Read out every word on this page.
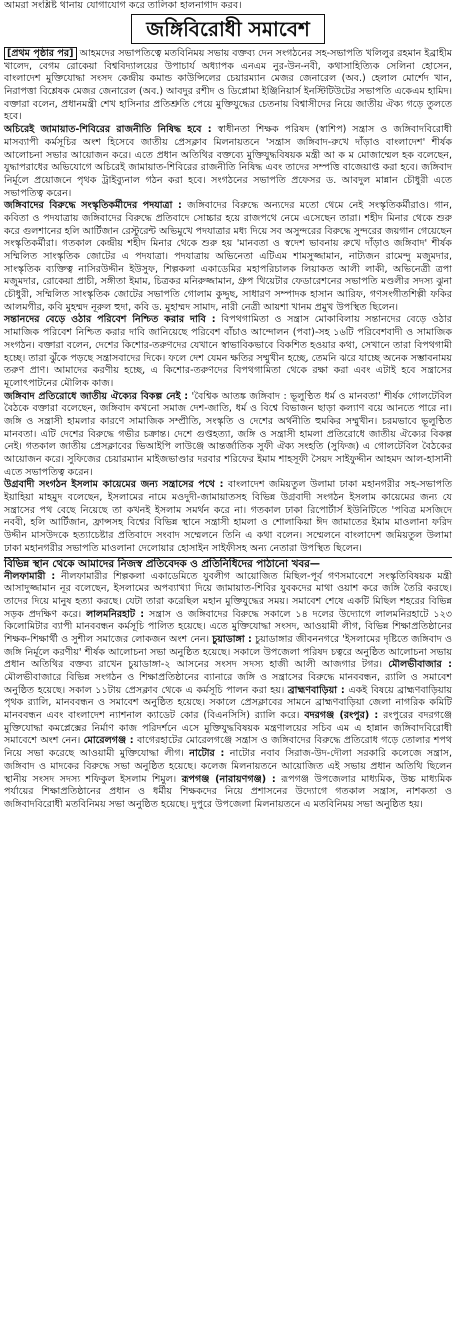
আমরা সংশ্লিষ্ট থানায় যোগাযোগ করে তালিকা হালনাগাদ করব।
জঙ্গিবিরোধী সমাবেশ

[প্রথম পৃষ্ঠার পর] আহমদের সভাপতিত্বে মতবিনিময় সভায় বক্তব্য দেন সংগঠনের সহ-সভাপতি খলিলুর রহমান ইব্রাহীম খালেদ, বেগম রোকেয়া বিশ্ববিদ্যালয়ের উপাচার্য অধ্যাপক এনএম নুর-উন-নবী, কথাসাহিত্যিক সেলিনা হোসেন, বাংলাদেশ মুক্তিযোদ্ধা সংসদ কেন্দ্রীয় কমান্ড কাউন্সিলের চেয়ারম্যান মেজর জেনারেল (অব.) হেলাল মোর্শেদ খান, নিরাপত্তা বিশ্লেষক মেজর জেনারেল (অব.) আবদুর রশীদ ও ডিপ্লোমা ইঞ্জিনিয়ার্স ইনস্টিটিউটের সভাপতি একেএম হামিদ। বক্তারা বলেন, প্রধানমন্ত্রী শেখ হাসিনার প্রতিশ্রুতি পেয়ে মুক্তিযুদ্ধের চেতনায় বিশ্বাসীদের নিয়ে জাতীয় ঐক্য গড়ে তুলতে হবে।

অচিরেই জামায়াত-শিবিরের রাজনীতি নিষিদ্ধ হবে : স্বাধীনতা শিক্ষক পরিষদ (স্বাশিপ) সন্ত্রাস ও জঙ্গিবাদবিরোধী মাসব্যাপী কর্মসূচির অংশ হিসেবে জাতীয় প্রেসক্লাব মিলনায়তনে 'সন্ত্রাস জঙ্গিবাদ-রুখে দাঁড়াও বাংলাদেশ' শীর্ষক আলোচনা সভার আয়োজন করে। এতে প্রধান অতিথির বক্তব্যে মুক্তিযুদ্ধবিষয়ক মন্ত্রী আ ক ম মোজাম্মেল হক বলেছেন, যুদ্ধাপরাধের অভিযোগে অচিরেই জামায়াত-শিবিরের রাজনীতি নিষিদ্ধ এবং তাদের সম্পত্তি বাজেয়াপ্ত করা হবে। জঙ্গিবাদ নির্মূলে প্রয়োজনে পৃথক ট্রাইব্যুনাল গঠন করা হবে। সংগঠনের সভাপতি প্রফেসর ড. আবদুল মান্নান চৌধুরী এতে সভাপতিত্ব করেন।

জঙ্গিবাদের বিরুদ্ধে সংস্কৃতিকর্মীদের পদযাত্রা : জঙ্গিবাদের বিরুদ্ধে অন্যদের মতো থেমে নেই সংস্কৃতিকর্মীরাও। গান, কবিতা ও পদযাত্রায় জঙ্গিবাদের বিরুদ্ধে প্রতিবাদে সোচ্চার হয়ে রাজপথে নেমে এসেছেন তারা। শহীদ মিনার থেকে শুরু করে গুলশানের হলি আর্টিজান রেস্টুরেন্ট অভিমুখে পদযাত্রার মধ্য দিয়ে সব অসুন্দরের বিরুদ্ধে সুন্দরের জয়গান গেয়েছেন সংস্কৃতিকর্মীরা। গতকাল কেন্দ্রীয় শহীদ মিনার থেকে শুরু হয় 'মানবতা ও স্বদেশ ভাবনায় রুখে দাঁড়াও জঙ্গিবাদ' শীর্ষক সম্মিলিত সাংস্কৃতিক জোটের এ পদযাত্রা। পদযাত্রায় অভিনেতা এটিএম শামসুজ্জামান, নাট্যজন রামেন্দু মজুমদার, সাংস্কৃতিক ব্যক্তিত্ব নাসিরউদ্দীন ইউসুফ, শিল্পকলা একাডেমির মহাপরিচালক লিয়াকত আলী লাকী, অভিনেত্রী ত্রপা মজুমদার, রোকেয়া প্রাচী, সঙ্গীতা ইমাম, চিত্রকর মনিরুজ্জামান, গ্রুপ থিয়েটার ফেডারেশনের সভাপতি মণ্ডলীর সদস্য ঝুনা চৌধুরী, সম্মিলিত সাংস্কৃতিক জোটের সভাপতি গোলাম কুদ্দুছ, সাধারণ সম্পাদক হাসান আরিফ, গণসংগীতশিল্পী ফকির আলমগীর, কবি মুহম্মদ নূরুল হুদা, কবি ড. মুহাম্মদ সামাদ, নারী নেত্রী আয়শা খানম প্রমুখ উপস্থিত ছিলেন।

সন্তানদের বেড়ে ওঠার পরিবেশ নিশ্চিত করার দাবি : বিপথগামিতা ও সন্ত্রাস মোকাবিলায় সন্তানদের বেড়ে ওঠার সামাজিক পরিবেশ নিশ্চিত করার দাবি জানিয়েছে পরিবেশ বাঁচাও আন্দোলন (পবা)-সহ ১৬টি পরিবেশবাদী ও সামাজিক সংগঠন। বক্তারা বলেন, দেশের কিশোর-তরুণদের যেখানে স্বাভাবিকভাবে বিকশিত হওয়ার কথা, সেখানে তারা বিপথগামী হচ্ছে। তারা ঝুঁকে পড়ছে সন্ত্রাসবাদের দিকে। ফলে দেশ যেমন ক্ষতির সম্মুখীন হচ্ছে, তেমনি ঝরে যাচ্ছে অনেক সম্ভাবনাময় তরুণ প্রাণ। আমাদের করণীয় হচ্ছে, এ কিশোর-তরুণদের বিপথগামিতা থেকে রক্ষা করা এবং এটাই হবে সন্ত্রাসের মূলোৎপাটনের মৌলিক কাজ।

জঙ্গিবাদ প্রতিরোধে জাতীয় ঐক্যের বিকল্প নেই : 'বৈশ্বিক আতঙ্ক জঙ্গিবাদ : ভূলুণ্ঠিত ধর্ম ও মানবতা' শীর্ষক গোলটেবিল বৈঠকে বক্তারা বলেছেন, জঙ্গিবাদ কখনো সমাজ দেশ-জাতি, ধর্ম ও বিশ্বে বিভাজন ছাড়া কল্যাণ বয়ে আনতে পারে না। জঙ্গি ও সন্ত্রাসী হামলার কারণে সামাজিক সম্প্রীতি, সংস্কৃতি ও দেশের অর্থনীতি হুমকির সম্মুখীন। চরমভাবে ভূলুণ্ঠিত মানবতা। এটি দেশের বিরুদ্ধে গভীর চক্রান্ত। দেশে গুপ্তহত্যা, জঙ্গি ও সন্ত্রাসী হামলা প্রতিরোধে জাতীয় ঐক্যের বিকল্প নেই। গতকাল জাতীয় প্রেসক্লাবের ভিআইপি লাউঞ্জে আন্তর্জাতিক সুফী ঐক্য সংহতি (সুফিজ) এ গোলটেবিল বৈঠকের আয়োজন করে। সুফিজের চেয়ারম্যান মাইজভাণ্ডার দরবার শরিফের ইমাম শাহসূফী সৈয়দ সাইফুদ্দীন আহমদ আল-হাসানী এতে সভাপতিত্ব করেন।

উগ্রবাদী সংগঠন ইসলাম কায়েমের জন্য সন্ত্রাসের পথে : বাংলাদেশ জমিয়তুল উলামা ঢাকা মহানগরীর সহ-সভাপতি ইয়াহিয়া মাহমুদ বলেছেন, ইসলামের নামে মওদুদী-জামায়াতসহ বিভিন্ন উগ্রবাদী সংগঠন ইসলাম কায়েমের জন্য যে সন্ত্রাসের পথ বেছে নিয়েছে তা কখনই ইসলাম সমর্থন করে না। গতকাল ঢাকা রিপোর্টার্স ইউনিটিতে 'পবিত্র মসজিদে নববী, হলি আর্টিজান, ফ্রান্সসহ বিশ্বের বিভিন্ন স্থানে সন্ত্রাসী হামলা ও শোলাকিয়া ঈদ জামাতের ইমাম মাওলানা ফরিদ উদ্দীন মাসউদকে হত্যাচেষ্টার প্রতিবাদে সংবাদ সম্মেলনে তিনি এ কথা বলেন। সম্মেলনে বাংলাদেশ জমিয়তুল উলামা ঢাকা মহানগরীর সভাপতি মাওলানা দেলোয়ার হোসাইন সাইফীসহ অন্য নেতারা উপস্থিত ছিলেন।

বিভিন্ন স্থান থেকে আমাদের নিজস্ব প্রতিবেদক ও প্রতিনিধিদের পাঠানো খবর—

নীলফামারী : নীলফামারীর শিল্পকলা একাডেমিতে যুবলীগ আয়োজিত মিছিল-পূর্ব গণসমাবেশে সংস্কৃতিবিষয়ক মন্ত্রী আসাদুজ্জামান নূর বলেছেন, ইসলামের অপব্যাখ্যা দিয়ে জামায়াত-শিবির যুবকদের মাথা ওয়াশ করে জঙ্গি তৈরি করছে। তাদের দিয়ে মানুষ হত্যা করছে। যেটা তারা করেছিল মহান মুক্তিযুদ্ধের সময়। সমাবেশ শেষে একটি মিছিল শহরের বিভিন্ন সড়ক প্রদক্ষিণ করে। লালমনিরহাট : সন্ত্রাস ও জঙ্গিবাদের বিরুদ্ধে সকালে ১৪ দলের উদ্যোগে লালমনিরহাটে ১২৩ কিলোমিটার ব্যাপী মানববন্ধন কর্মসূচি পালিত হয়েছে। এতে মুক্তিযোদ্ধা সংসদ, আওয়ামী লীগ, বিভিন্ন শিক্ষাপ্রতিষ্ঠানের শিক্ষক-শিক্ষার্থী ও সুশীল সমাজের লোকজন অংশ নেন। চুয়াডাঙ্গা : চুয়াডাঙ্গার জীবননগরে 'ইসলামের দৃষ্টিতে জঙ্গিবাদ ও জঙ্গি নির্মূলে করণীয়' শীর্ষক আলোচনা সভা অনুষ্ঠিত হয়েছে। সকালে উপজেলা পরিষদ চত্বরে অনুষ্ঠিত আলোচনা সভায় প্রধান অতিথির বক্তব্য রাখেন চুয়াডাঙ্গা-২ আসনের সংসদ সদস্য হাজী আলী আজগার টগর। মৌলভীবাজার : মৌলভীবাজারে বিভিন্ন সংগঠন ও শিক্ষাপ্রতিষ্ঠানের ব্যানারে জঙ্গি ও সন্ত্রাসের বিরুদ্ধে মানববন্ধন, র‍্যালি ও সমাবেশ অনুষ্ঠিত হয়েছে। সকাল ১১টায় প্রেসক্লাব থেকে এ কর্মসূচি পালন করা হয়। ব্রাহ্মণবাড়িয়া : একই বিষয়ে ব্রাহ্মণবাড়িয়ায় পৃথক র‍্যালি, মানববন্ধন ও সমাবেশ অনুষ্ঠিত হয়েছে। সকালে প্রেসক্লাবের সামনে ব্রাহ্মণবাড়িয়া জেলা নাগরিক কমিটি মানববন্ধন এবং বাংলাদেশ ন্যাশনাল ক্যাডেট কোর (বিএনসিসি) র‍্যালি করে। বদরগঞ্জ (রংপুর) : রংপুরের বদরগঞ্জে মুক্তিযোদ্ধা কমপ্লেক্সের নির্মাণ কাজ পরিদর্শনে এসে মুক্তিযুদ্ধবিষয়ক মন্ত্রণালয়ের সচিব এম এ হান্নান জঙ্গিবাদবিরোধী সমাবেশে অংশ নেন। মোরেলগঞ্জ : বাগেরহাটের মোরেলগঞ্জে সন্ত্রাস ও জঙ্গিবাদের বিরুদ্ধে প্রতিরোধ গড়ে তোলার শপথ নিয়ে সভা করেছে আওয়ামী মুক্তিযোদ্ধা লীগ। নাটোর : নাটোর নবাব সিরাজ-উদ-দৌলা সরকারি কলেজে সন্ত্রাস, জঙ্গিবাদ ও মাদকের বিরুদ্ধে সভা অনুষ্ঠিত হয়েছে। কলেজ মিলনায়তনে আয়োজিত এই সভায় প্রধান অতিথি ছিলেন স্থানীয় সংসদ সদস্য শফিকুল ইসলাম শিমুল। রূপগঞ্জ (নারায়ণগঞ্জ) : রূপগঞ্জ উপজেলার মাধ্যমিক, উচ্চ মাধ্যমিক পর্যায়ের শিক্ষাপ্রতিষ্ঠানের প্রধান ও ধর্মীয় শিক্ষকদের নিয়ে প্রশাসনের উদ্যোগে গতকাল সন্ত্রাস, নাশকতা ও জঙ্গিবাদবিরোধী মতবিনিময় সভা অনুষ্ঠিত হয়েছে। দুপুরে উপজেলা মিলনায়তনে এ মতবিনিময় সভা অনুষ্ঠিত হয়।
